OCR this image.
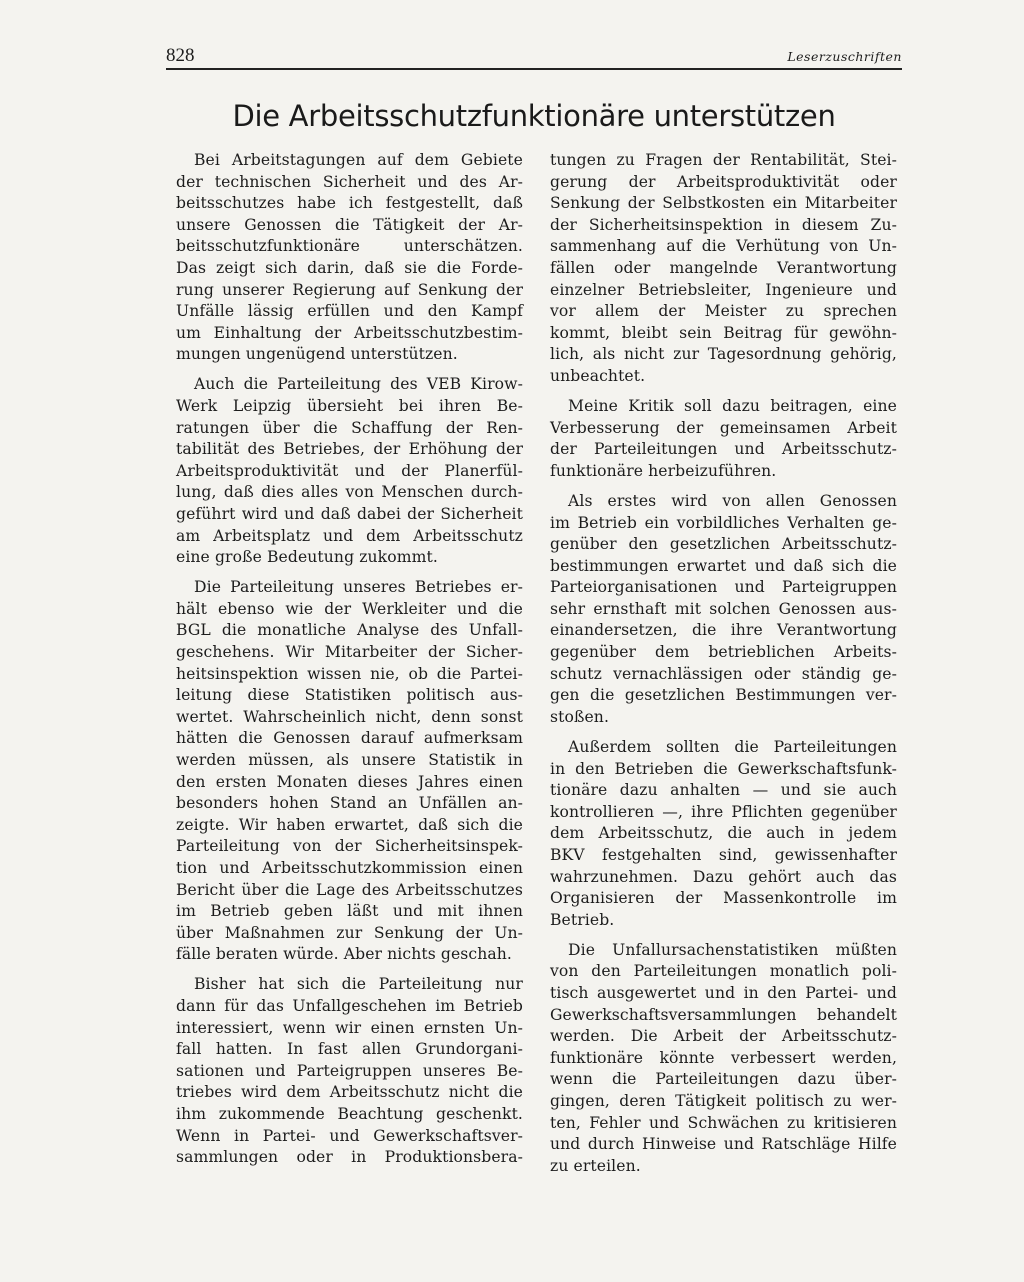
828	Leserzuschriften
Die Arbeitsschutzfunktionäre unterstützen
Bei Arbeitstagungen auf dem Gebiete
der technischen Sicherheit und des Ar-
beitsschutzes habe ich festgestellt, daß
unsere Genossen die Tätigkeit der Ar-
beitsschutzfunktionäre unterschätzen.
Das zeigt sich darin, daß sie die Forde-
rung unserer Regierung auf Senkung der
Unfälle lässig erfüllen und den Kampf
um Einhaltung der Arbeitsschutzbestim-
mungen ungenügend unterstützen.
Auch die Parteileitung des VEB Kirow-
Werk Leipzig übersieht bei ihren Be-
ratungen über die Schaffung der Ren-
tabilität des Betriebes, der Erhöhung der
Arbeitsproduktivität und der Planerfül-
lung, daß dies alles von Menschen durch-
geführt wird und daß dabei der Sicherheit
am Arbeitsplatz und dem Arbeitsschutz
eine große Bedeutung zukommt.
Die Parteileitung unseres Betriebes er-
hält ebenso wie der Werkleiter und die
BGL die monatliche Analyse des Unfall-
geschehens. Wir Mitarbeiter der Sicher-
heitsinspektion wissen nie, ob die Partei-
leitung diese Statistiken politisch aus-
wertet. Wahrscheinlich nicht, denn sonst
hätten die Genossen darauf aufmerksam
werden müssen, als unsere Statistik in
den ersten Monaten dieses Jahres einen
besonders hohen Stand an Unfällen an-
zeigte. Wir haben erwartet, daß sich die
Parteileitung von der Sicherheitsinspek-
tion und Arbeitsschutzkommission einen
Bericht über die Lage des Arbeitsschutzes
im Betrieb geben läßt und mit ihnen
über Maßnahmen zur Senkung der Un-
fälle beraten würde. Aber nichts geschah.
Bisher hat sich die Parteileitung nur
dann für das Unfallgeschehen im Betrieb
interessiert, wenn wir einen ernsten Un-
fall hatten. In fast allen Grundorgani-
sationen und Parteigruppen unseres Be-
triebes wird dem Arbeitsschutz nicht die
ihm zukommende Beachtung geschenkt.
Wenn in Partei- und Gewerkschaftsver-
sammlungen oder in Produktionsbera-
tungen zu Fragen der Rentabilität, Stei-
gerung der Arbeitsproduktivität oder
Senkung der Selbstkosten ein Mitarbeiter
der Sicherheitsinspektion in diesem Zu-
sammenhang auf die Verhütung von Un-
fällen oder mangelnde Verantwortung
einzelner Betriebsleiter, Ingenieure und
vor allem der Meister zu sprechen
kommt, bleibt sein Beitrag für gewöhn-
lich, als nicht zur Tagesordnung gehörig,
unbeachtet.
Meine Kritik soll dazu beitragen, eine
Verbesserung der gemeinsamen Arbeit
der Parteileitungen und Arbeitsschutz-
funktionäre herbeizuführen.
Als erstes wird von allen Genossen
im Betrieb ein vorbildliches Verhalten ge-
genüber den gesetzlichen Arbeitsschutz-
bestimmungen erwartet und daß sich die
Parteiorganisationen und Parteigruppen
sehr ernsthaft mit solchen Genossen aus-
einandersetzen, die ihre Verantwortung
gegenüber dem betrieblichen Arbeits-
schutz vernachlässigen oder ständig ge-
gen die gesetzlichen Bestimmungen ver-
stoßen.
Außerdem sollten die Parteileitungen
in den Betrieben die Gewerkschaftsfunk-
tionäre dazu anhalten — und sie auch
kontrollieren —, ihre Pflichten gegenüber
dem Arbeitsschutz, die auch in jedem
BKV festgehalten sind, gewissenhafter
wahrzunehmen. Dazu gehört auch das
Organisieren der Massenkontrolle im
Betrieb.
Die Unfallursachenstatistiken müßten
von den Parteileitungen monatlich poli-
tisch ausgewertet und in den Partei- und
Gewerkschaftsversammlungen behandelt
werden. Die Arbeit der Arbeitsschutz-
funktionäre könnte verbessert werden,
wenn die Parteileitungen dazu über-
gingen, deren Tätigkeit politisch zu wer-
ten, Fehler und Schwächen zu kritisieren
und durch Hinweise und Ratschläge Hilfe
zu erteilen.
